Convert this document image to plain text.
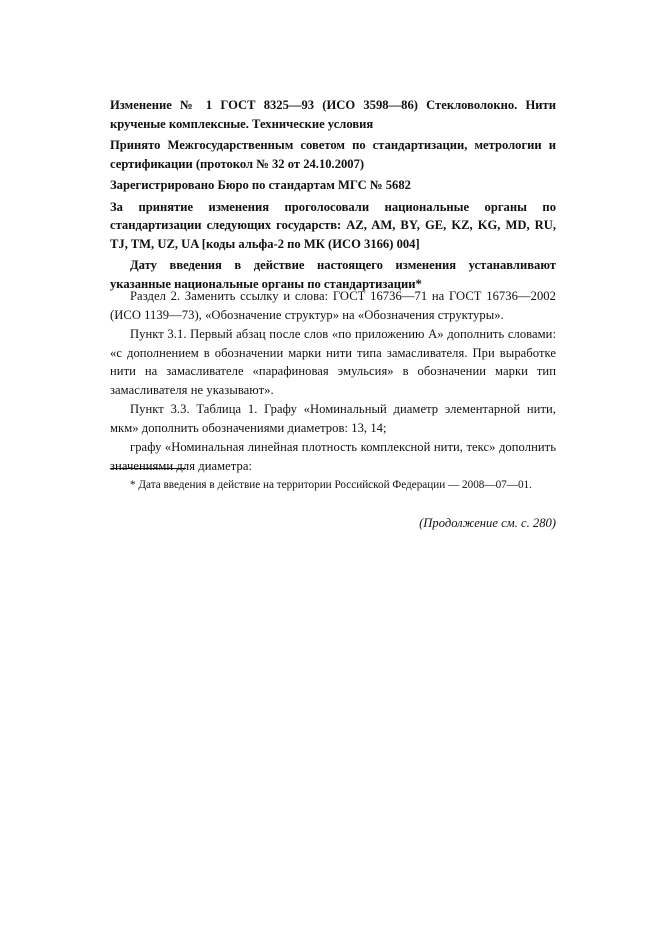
Изменение № 1 ГОСТ 8325—93 (ИСО 3598—86) Стекловолокно. Нити крученые комплексные. Технические условия

Принято Межгосударственным советом по стандартизации, метрологии и сертификации (протокол № 32 от 24.10.2007)

Зарегистрировано Бюро по стандартам МГС № 5682

За принятие изменения проголосовали национальные органы по стандартизации следующих государств: AZ, AM, BY, GE, KZ, KG, MD, RU, TJ, TM, UZ, UA [коды альфа-2 по МК (ИСО 3166) 004]

Дату введения в действие настоящего изменения устанавливают указанные национальные органы по стандартизации*

Раздел 2. Заменить ссылку и слова: ГОСТ 16736—71 на ГОСТ 16736—2002 (ИСО 1139—73), «Обозначение структур» на «Обозначения структуры».

Пункт 3.1. Первый абзац после слов «по приложению А» дополнить словами: «с дополнением в обозначении марки нити типа замасливателя. При выработке нити на замасливателе «парафиновая эмульсия» в обозначении марки тип замасливателя не указывают».

Пункт 3.3. Таблица 1. Графу «Номинальный диаметр элементарной нити, мкм» дополнить обозначениями диаметров: 13, 14;

графу «Номинальная линейная плотность комплексной нити, текс» дополнить значениями для диаметра:

* Дата введения в действие на территории Российской Федерации — 2008—07—01.

(Продолжение см. с. 280)
